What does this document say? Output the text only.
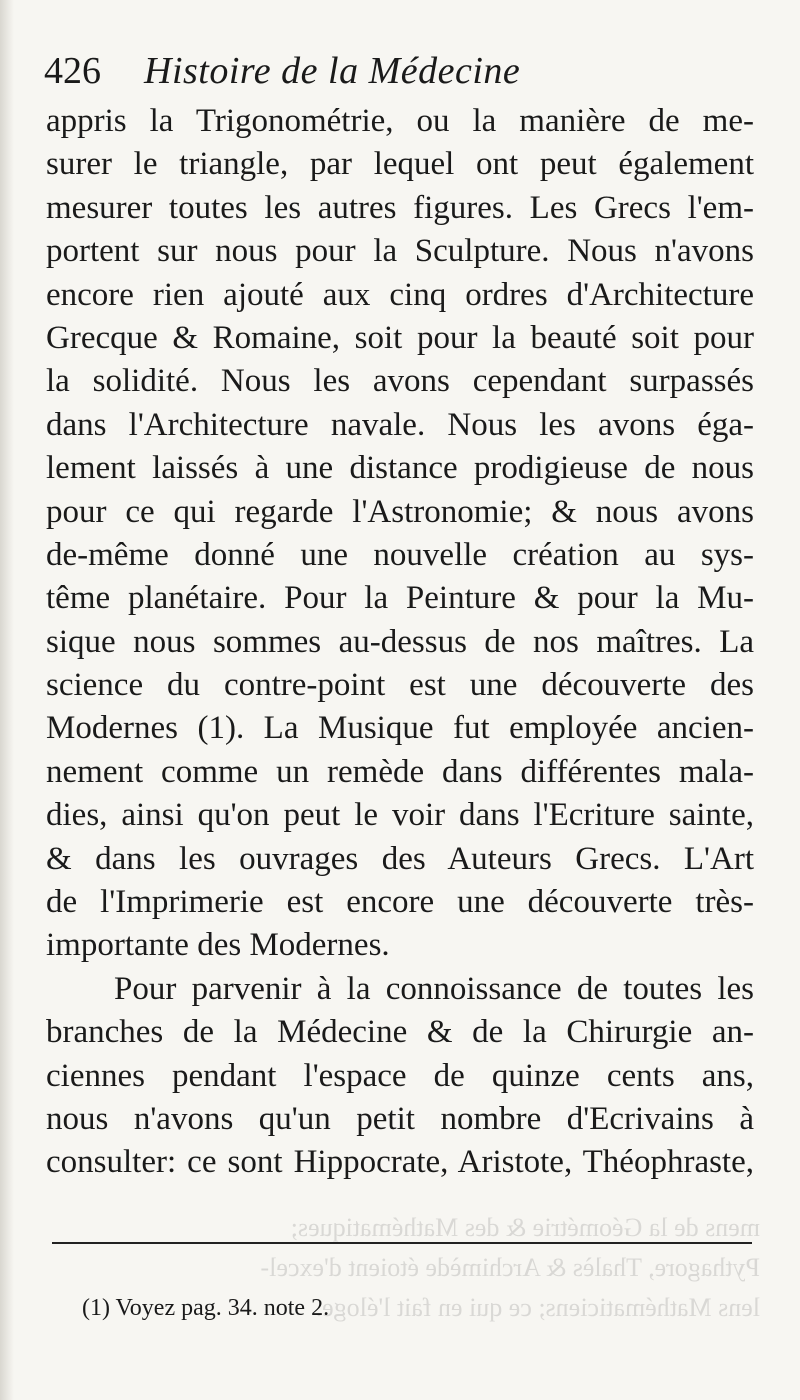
mens de la Géométrie & des Mathématiques;
Pythagore, Thalès & Archimède étoient d'excel-
lens Mathématiciens; ce qui en fait l'éloge.
426 Histoire de la Médecine
appris la Trigonométrie, ou la manière de me-
surer le triangle, par lequel ont peut également
mesurer toutes les autres figures. Les Grecs l'em-
portent sur nous pour la Sculpture. Nous n'avons
encore rien ajouté aux cinq ordres d'Architecture
Grecque & Romaine, soit pour la beauté soit pour
la solidité. Nous les avons cependant surpassés
dans l'Architecture navale. Nous les avons éga-
lement laissés à une distance prodigieuse de nous
pour ce qui regarde l'Astronomie; & nous avons
de-même donné une nouvelle création au sys-
tême planétaire. Pour la Peinture & pour la Mu-
sique nous sommes au-dessus de nos maîtres. La
science du contre-point est une découverte des
Modernes (1). La Musique fut employée ancien-
nement comme un remède dans différentes mala-
dies, ainsi qu'on peut le voir dans l'Ecriture sainte,
& dans les ouvrages des Auteurs Grecs. L'Art
de l'Imprimerie est encore une découverte très-
importante des Modernes.
Pour parvenir à la connoissance de toutes les
branches de la Médecine & de la Chirurgie an-
ciennes pendant l'espace de quinze cents ans,
nous n'avons qu'un petit nombre d'Ecrivains à
consulter: ce sont Hippocrate, Aristote, Théophraste,
(1) Voyez pag. 34. note 2.
